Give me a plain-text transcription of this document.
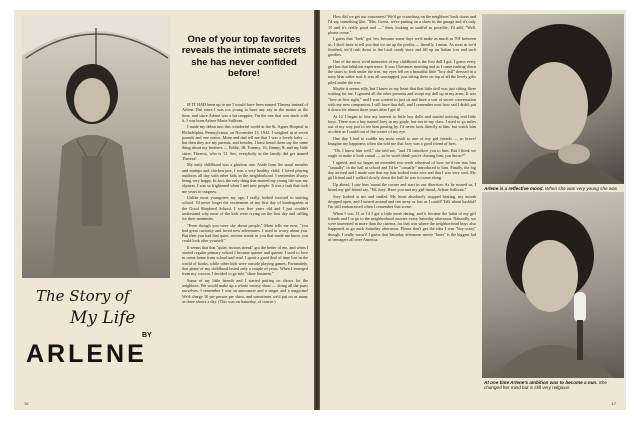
One of your top favorites reveals the intimate secrets she has never confided before!

IF IT HAD been up to me I would have been named Theresa instead of Arlene. But since I was too young to have any say in the matter at the time, and since Arlene was a bit snappier, I'm the one that was stuck with it. I was born Arlene Marie Sullivan.

I made my debut into this wonderful world at the St. Agnes Hospital in Philadelphia, Pennsylvania, on November 13, 1942. I weighed in at seven pounds and one ounce. Mom and dad tell me that I was a lovely baby — but then they are my parents, and besides, I have heard them say the same thing about my brothers — Eddie, 18; Tommy, 16; Jimmy, 8; and my little sister, Theresa, who is 13. See, everybody in the family did get named Theresa!

My early childhood was a glorious one. Aside from the usual measles and mumps and chicken pox, I was a very healthy child. I loved playing outdoors all day with other kids in the neighborhood. I remember always being very happy. In fact, the only thing that marred my young life was my shyness. I was so frightened when I met new people. It was a trait that took me years to outgrow.

Unlike most youngsters my age, I really looked forward to starting school. I'd never forget the excitement of my first day of kindergarten at the Good Shepherd School. I was five years old and I just couldn't understand why most of the kids were crying on the first day and calling for their mommies.

"Even though you were shy about people," Mom tells me now, "you had great curiosity and loved new adventures. I used to worry about you. But then you had that quiet, serious streak in you that made me know you could look after yourself."

It seems that that "quiet, serious streak" got the better of me, and when I started regular primary school I became quieter and quieter. I used to love to come home from school and read. I spent a good deal of time lost in the world of books, while other kids were outside playing games. Fortunately, that phase of my childhood lasted only a couple of years. When I emerged from my cocoon, I decided to go into "show business."

Some of my little friends and I started putting on shows for the neighbors. We would make up a whole variety show — doing all the parts ourselves. I remember I was an announcer and a singer and a magician! We'd charge 10 per person per show, and sometimes we'd put on as many as three shows a day. (This was on Saturday, of course.)

The Story of
My Life
BY
ARLENE
16

How did we get our customers? We'd go scratching on the neighbors' back doors and I'd say something like, "Mrs. Green, we're putting on a show in the garage and it's only 1¢ and it's really good and —" then, looking as soulful as possible, I'd add, "Well, please come."

I guess that "look" got 'em, because some days we'd make as much as 70¢ between us. I don't have to tell you that we ate up the profits — literally, I mean. As soon as we'd finished, we'd rush down to the local candy store and fill up on Italian ices and such goodies.

One of the most vivid memories of my childhood is the first doll I got. I guess every girl has that fabulous experience. It was Christmas morning and as I came rushing down the stairs to look under the tree, my eyes fell on a beautiful little "boy doll" dressed in a navy blue sailor suit. It was all unwrapped, just sitting there on top of all the lovely gifts piled under the tree.

Maybe it seems silly, but I knew in my heart that that little doll was just sitting there waiting for me. I ignored all the other presents and swept my doll up in my arms. It was "love at first sight," and I was content to just sit and have a sort of secret conversation with my new companion. I still have that doll, and I remember now how sad I didn't put it down for almost three years after I got it!

At 12 I began to lose my interest in little boy dolls and started noticing real little boys. There was a boy named Joey in my grade, but not in my class. I used to go miles out of my way just to see him passing by. I'd never look directly at him, but watch him as often as I could out of the corner of my eye.

One day I had to coddle my most crush to one of my girl friends — so brave! Imagine my happiness when she told me that Joey was a good friend of hers.

"Oh, I know him well," she told me, "and I'll introduce you to him. But I think we ought to make it look casual — so he won't think you're chasing him, you know?"

I agreed, and we began an extended two-week rehearsal of how we'd run into him "casually" in the hall at school and I'd be "casually" introduced to him. Finally, the big day arrived and I made sure that my hair looked extra nice and that I was very cool. My girl friend and I walked slowly down the hall he was to come along.

Up ahead, I saw him 'round the corner and start in our direction. As he neared us, I heard my girl friend say, "Hi, Joey. Have you met my girl friend, Arlene Sullivan."

Joey looked at me and smiled. My heart absolutely stopped beating, my mouth dropped open, and I turned around and ran away as fast as I could! Talk about bashful! I'm still embarrassed when I remember that scene.

When I was 13 or 14 I got a little more daring, and it became the habit of my girl friends and I to go to the neighborhood movies every Saturday afternoon. Naturally, we were interested in more than the cinema, for that was where the neighborhood boys also happened to go each Saturday afternoon. Please don't get the idea I was "boy-crazy" though. I really wasn't! I guess that Saturday afternoon movie "lines" is the biggest fad of teenagers all over America.

Arlene is a reflective mood. When she was very young she was
At one time Arlene's ambition was to become a nun. She changed her mind but is still very religious.
17
